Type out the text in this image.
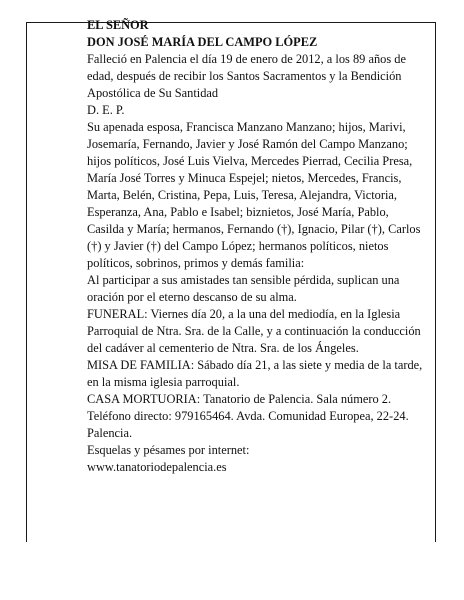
EL SEÑOR

DON JOSÉ MARÍA DEL CAMPO LÓPEZ

Falleció en Palencia el día 19 de enero de 2012, a los 89 años de edad, después de recibir los Santos Sacramentos y la Bendición Apostólica de Su Santidad

D. E. P.

Su apenada esposa, Francisca Manzano Manzano; hijos, Marivi, Josemaría, Fernando, Javier y José Ramón del Campo Manzano; hijos políticos, José Luis Vielva, Mercedes Pierrad, Cecilia Presa, María José Torres y Minuca Espejel; nietos, Mercedes, Francis, Marta, Belén, Cristina, Pepa, Luis, Teresa, Alejandra, Victoria, Esperanza, Ana, Pablo e Isabel; biznietos, José María, Pablo, Casilda y María; hermanos, Fernando (†), Ignacio, Pilar (†), Carlos (†) y Javier (†) del Campo López; hermanos políticos, nietos políticos, sobrinos, primos y demás familia:

Al participar a sus amistades tan sensible pérdida, suplican una oración por el eterno descanso de su alma.

FUNERAL: Viernes día 20, a la una del mediodía, en la Iglesia Parroquial de Ntra. Sra. de la Calle, y a continuación la conducción del cadáver al cementerio de Ntra. Sra. de los Ángeles.

MISA DE FAMILIA: Sábado día 21, a las siete y media de la tarde, en la misma iglesia parroquial.

CASA MORTUORIA: Tanatorio de Palencia. Sala número 2. Teléfono directo: 979165464. Avda. Comunidad Europea, 22-24. Palencia.

Esquelas y pésames por internet:

www.tanatoriodepalencia.es
